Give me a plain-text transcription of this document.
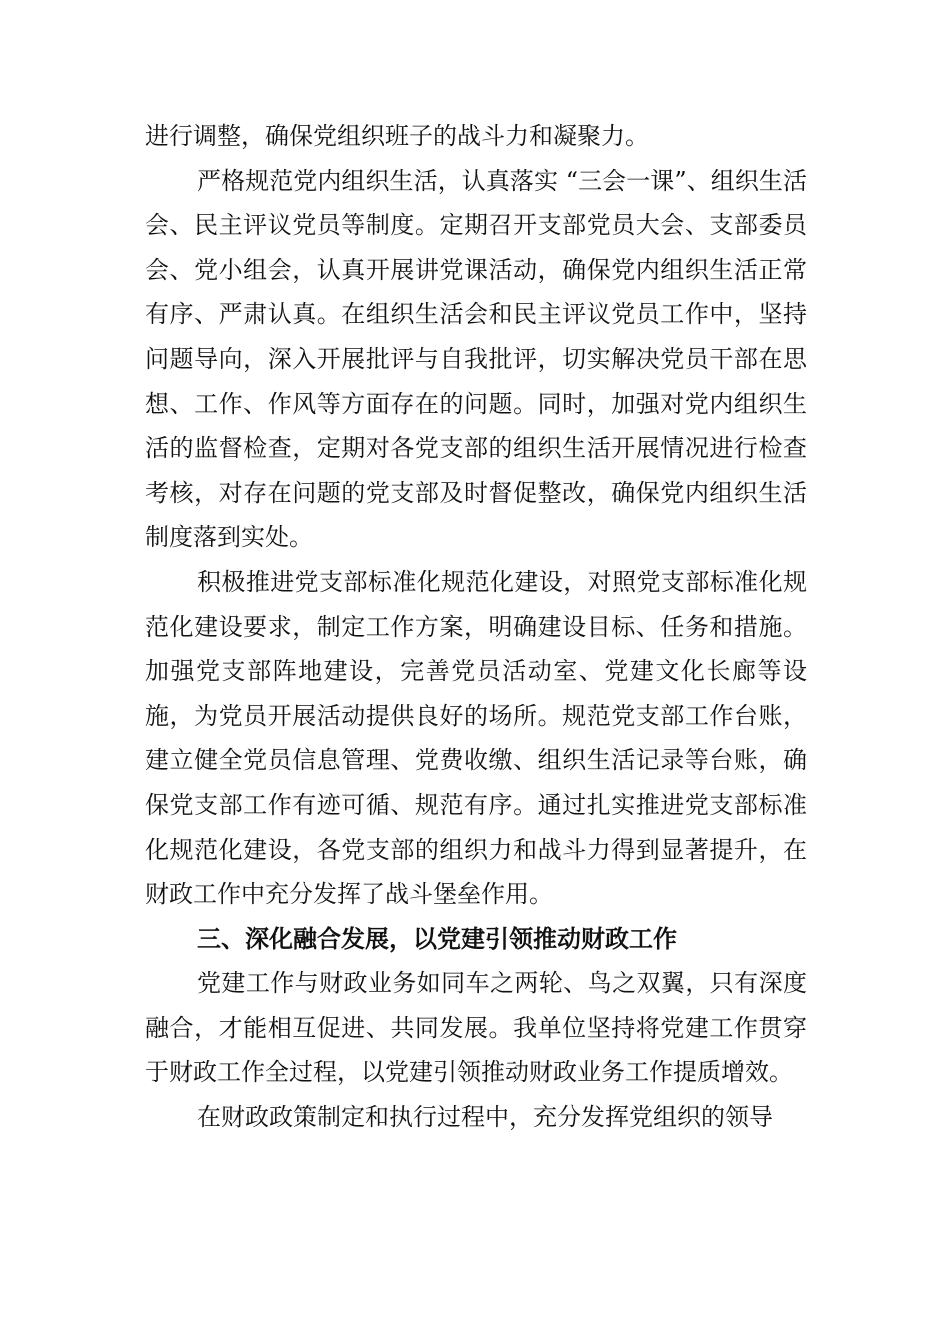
进行调整，确保党组织班子的战斗力和凝聚力。

严格规范党内组织生活，认真落实 “三会一课”、组织生活会、民主评议党员等制度。定期召开支部党员大会、支部委员会、党小组会，认真开展讲党课活动，确保党内组织生活正常有序、严肃认真。在组织生活会和民主评议党员工作中，坚持问题导向，深入开展批评与自我批评，切实解决党员干部在思想、工作、作风等方面存在的问题。同时，加强对党内组织生活的监督检查，定期对各党支部的组织生活开展情况进行检查考核，对存在问题的党支部及时督促整改，确保党内组织生活制度落到实处。

积极推进党支部标准化规范化建设，对照党支部标准化规范化建设要求，制定工作方案，明确建设目标、任务和措施。加强党支部阵地建设，完善党员活动室、党建文化长廊等设施，为党员开展活动提供良好的场所。规范党支部工作台账，建立健全党员信息管理、党费收缴、组织生活记录等台账，确保党支部工作有迹可循、规范有序。通过扎实推进党支部标准化规范化建设，各党支部的组织力和战斗力得到显著提升，在财政工作中充分发挥了战斗堡垒作用。

三、深化融合发展，以党建引领推动财政工作

党建工作与财政业务如同车之两轮、鸟之双翼，只有深度融合，才能相互促进、共同发展。我单位坚持将党建工作贯穿于财政工作全过程，以党建引领推动财政业务工作提质增效。

在财政政策制定和执行过程中，充分发挥党组织的领导
